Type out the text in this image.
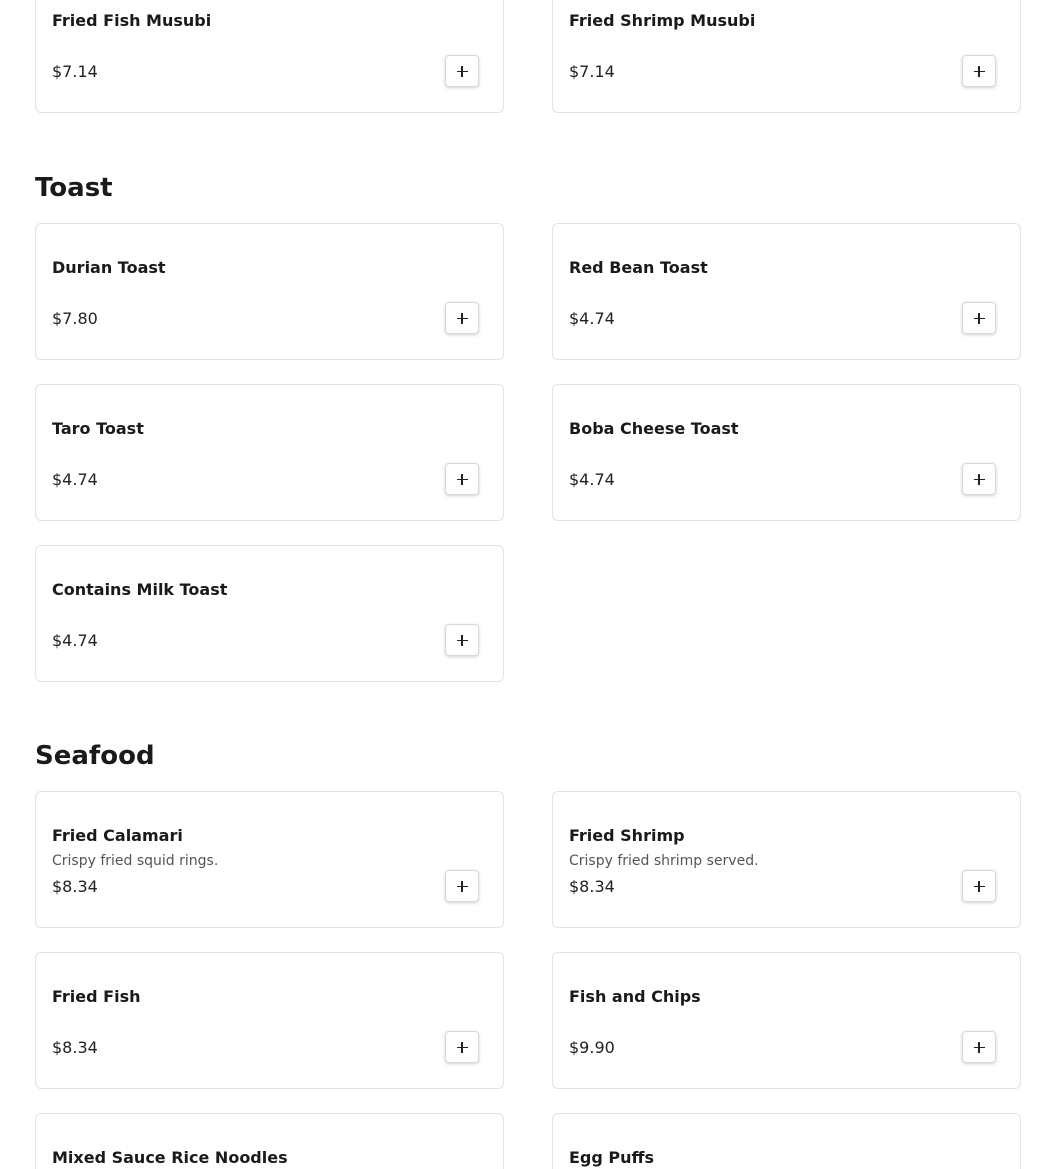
Fried Fish Musubi
$7.14
Fried Shrimp Musubi
$7.14
Toast
Durian Toast
$7.80
Red Bean Toast
$4.74
Taro Toast
$4.74
Boba Cheese Toast
$4.74
Contains Milk Toast
$4.74
Seafood
Fried Calamari
Crispy fried squid rings.
$8.34
Fried Shrimp
Crispy fried shrimp served.
$8.34
Fried Fish
$8.34
Fish and Chips
$9.90
Mixed Sauce Rice Noodles	Egg Puffs
